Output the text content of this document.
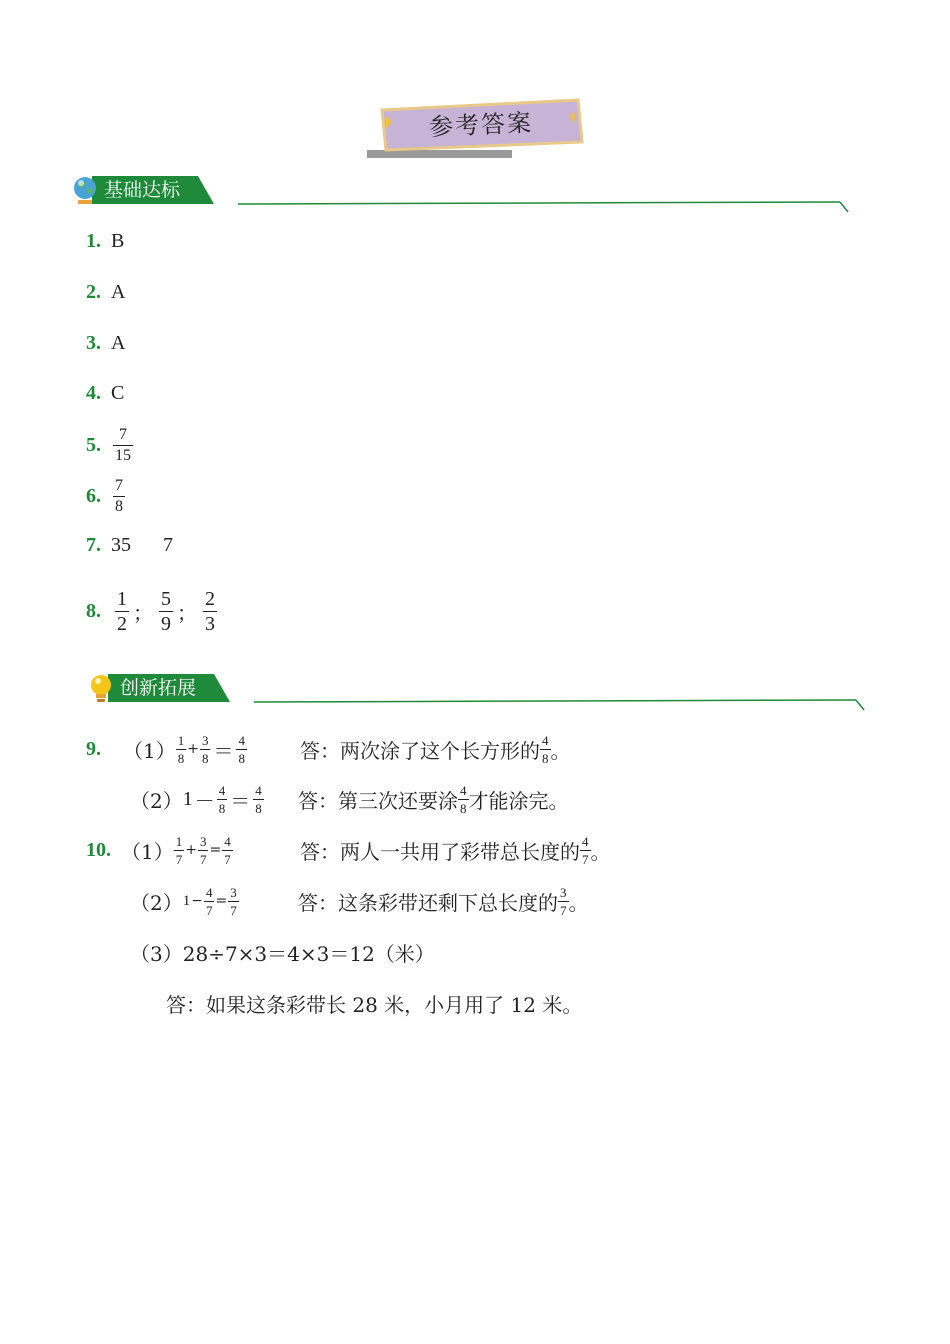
参考答案
基础达标
1. B
2. A
3. A
4. C
5. $\frac{7}{15}$
6. $\frac{7}{8}$
7. 35 7
8. $\frac{1}{2}$ ； $\frac{5}{9}$ ； $\frac{2}{3}$
创新拓展
9. $(1) \frac{1}{8} + \frac{3}{8} = \frac{4}{8}$	答：两次涂了这个长方形的 $\frac{4}{8}$ 。
（2） $1 - \frac{4}{8} = \frac{4}{8}$ 答：第三次还要涂 $\frac{4}{8}$ 才能涂完。
10. $(1) \frac{1}{7} + \frac{3}{7} = \frac{4}{7}$	答：两人一共用了彩带总长度的 $\frac{4}{7}$ 。
（2） $1 - \frac{4}{7} = \frac{3}{7}$	答：这条彩带还剩下总长度的 $\frac{3}{7}$ 。
（3） 28÷7×3＝4×3＝12（米）
答：如果这条彩带长 28 米，小月用了 12 米。
